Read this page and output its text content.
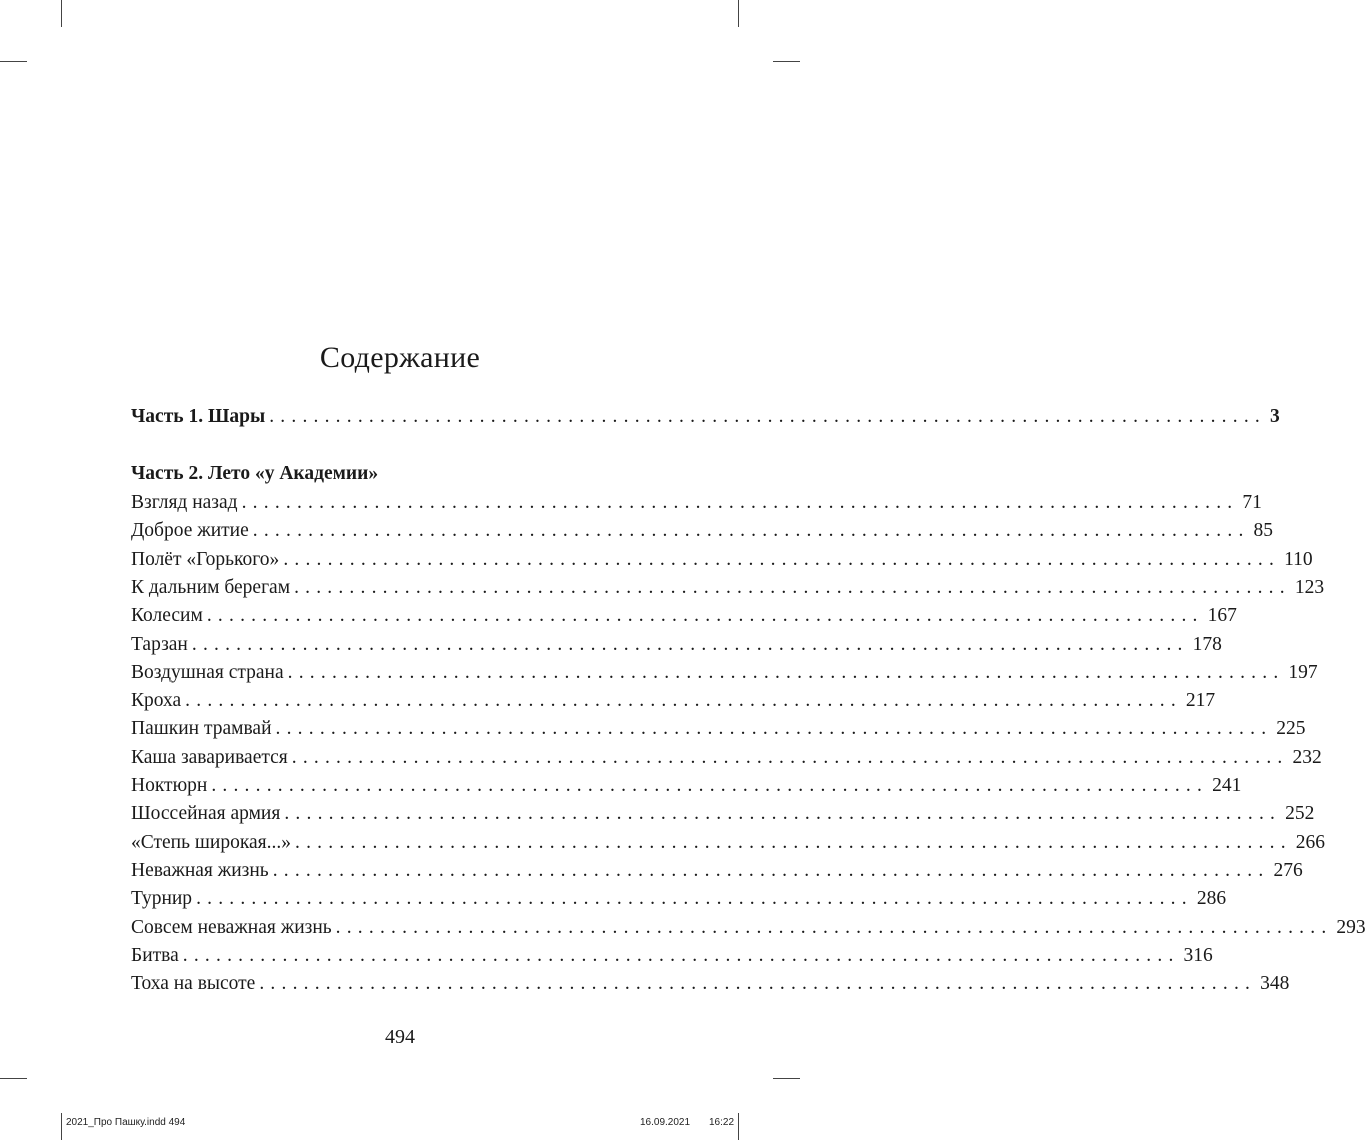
Содержание
Часть 1. Шары .......................................................................................... 3
Часть 2. Лето «у Академии»
Взгляд назад .......................................................................................... 71
Доброе житие .......................................................................................... 85
Полёт «Горького» .......................................................................................... 110
К дальним берегам .......................................................................................... 123
Колесим .......................................................................................... 167
Тарзан .......................................................................................... 178
Воздушная страна .......................................................................................... 197
Кроха .......................................................................................... 217
Пашкин трамвай .......................................................................................... 225
Каша заваривается .......................................................................................... 232
Ноктюрн .......................................................................................... 241
Шоссейная армия .......................................................................................... 252
«Степь широкая...» .......................................................................................... 266
Неважная жизнь .......................................................................................... 276
Турнир .......................................................................................... 286
Совсем неважная жизнь .......................................................................................... 293
Битва .......................................................................................... 316
Тоха на высоте .......................................................................................... 348
494
2021_Про Пашку.indd 494	16.09.2021 16:22
